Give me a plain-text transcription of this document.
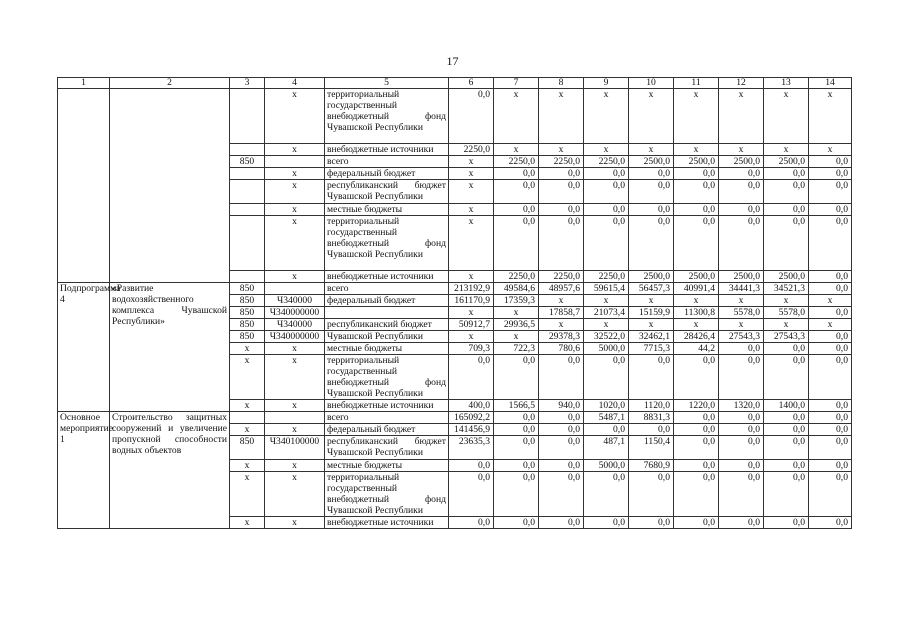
17
1	2	3	4	5	6	7	8	9	10	11	12	13	14
			x	территориальный государственный внебюджетный фонд Чувашской Республики	0,0	x	x	x	x	x	x	x	x
			x	внебюджетные источники	2250,0	x	x	x	x	x	x	x	x
		850		всего	x	2250,0	2250,0	2250,0	2500,0	2500,0	2500,0	2500,0	0,0
			x	федеральный бюджет	x	0,0	0,0	0,0	0,0	0,0	0,0	0,0	0,0
			x	республиканский бюджет Чувашской Республики	x	0,0	0,0	0,0	0,0	0,0	0,0	0,0	0,0
			x	местные бюджеты	x	0,0	0,0	0,0	0,0	0,0	0,0	0,0	0,0
			x	территориальный государственный внебюджетный фонд Чувашской Республики	x	0,0	0,0	0,0	0,0	0,0	0,0	0,0	0,0
			x	внебюджетные источники	x	2250,0	2250,0	2250,0	2500,0	2500,0	2500,0	2500,0	0,0
Подпрограмма 4	«Развитие водохозяйственного комплекса Чувашской Республики»	850		всего	213192,9	49584,6	48957,6	59615,4	56457,3	40991,4	34441,3	34521,3	0,0
		850	Ч340000	федеральный бюджет	161170,9	17359,3	x	x	x	x	x	x	x
		850	Ч340000000		x	x	17858,7	21073,4	15159,9	11300,8	5578,0	5578,0	0,0
		850	Ч340000	республиканский бюджет	50912,7	29936,5	x	x	x	x	x	x	x
		850	Ч340000000	Чувашской Республики	x	x	29378,3	32522,0	32462,1	28426,4	27543,3	27543,3	0,0
		x	x	местные бюджеты	709,3	722,3	780,6	5000,0	7715,3	44,2	0,0	0,0	0,0
		x	x	территориальный государственный внебюджетный фонд Чувашской Республики	0,0	0,0	0,0	0,0	0,0	0,0	0,0	0,0	0,0
		x	x	внебюджетные источники	400,0	1566,5	940,0	1020,0	1120,0	1220,0	1320,0	1400,0	0,0
Основное мероприятие 1	Строительство защитных сооружений и увеличение пропускной способности водных объектов			всего	165092,2	0,0	0,0	5487,1	8831,3	0,0	0,0	0,0	0,0
		x	x	федеральный бюджет	141456,9	0,0	0,0	0,0	0,0	0,0	0,0	0,0	0,0
		850	Ч340100000	республиканский бюджет Чувашской Республики	23635,3	0,0	0,0	487,1	1150,4	0,0	0,0	0,0	0,0
		x	x	местные бюджеты	0,0	0,0	0,0	5000,0	7680,9	0,0	0,0	0,0	0,0
		x	x	территориальный государственный внебюджетный фонд Чувашской Республики	0,0	0,0	0,0	0,0	0,0	0,0	0,0	0,0	0,0
		x	x	внебюджетные источники	0,0	0,0	0,0	0,0	0,0	0,0	0,0	0,0	0,0
